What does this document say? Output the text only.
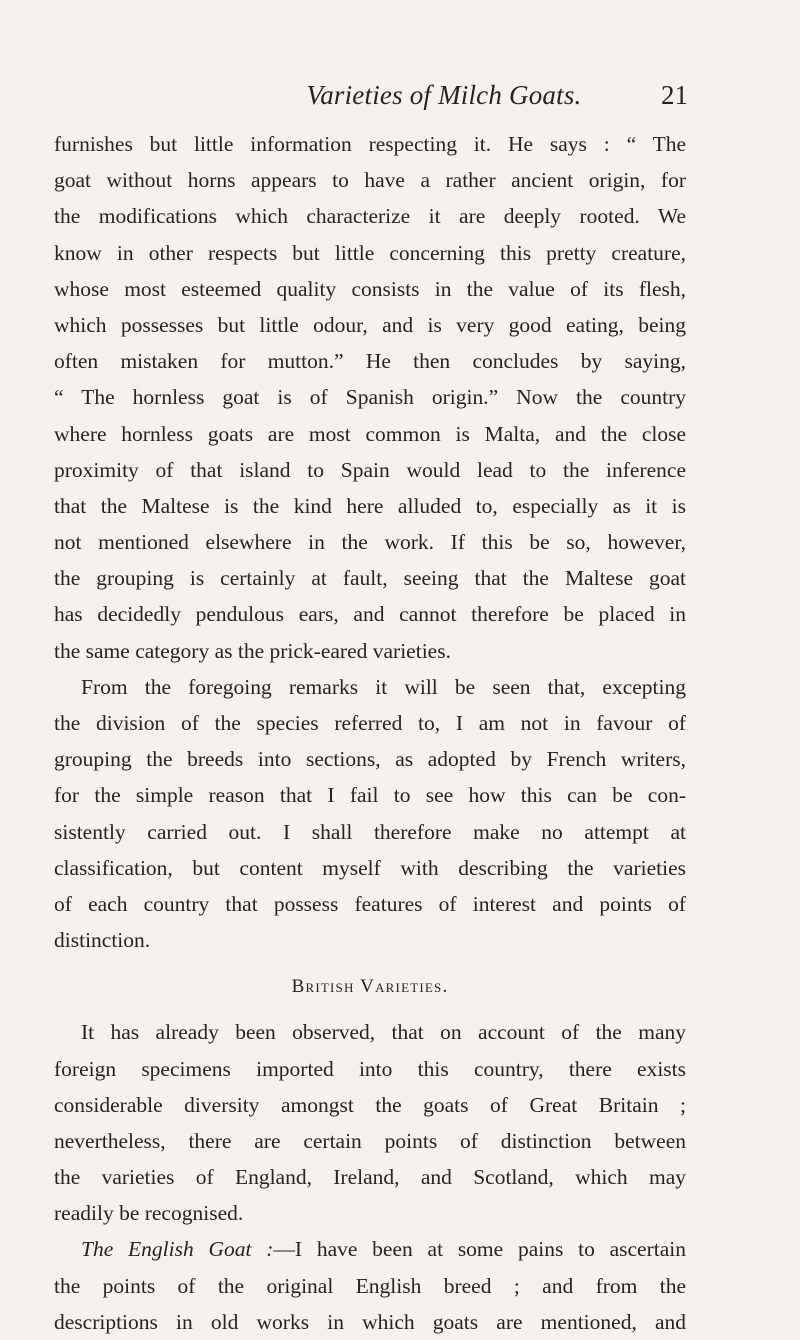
Varieties of Milch Goats.	21
furnishes but little information respecting it. He says : “ The
goat without horns appears to have a rather ancient origin, for
the modifications which characterize it are deeply rooted. We
know in other respects but little concerning this pretty creature,
whose most esteemed quality consists in the value of its flesh,
which possesses but little odour, and is very good eating, being
often mistaken for mutton.” He then concludes by saying,
“ The hornless goat is of Spanish origin.” Now the country
where hornless goats are most common is Malta, and the close
proximity of that island to Spain would lead to the inference
that the Maltese is the kind here alluded to, especially as it is
not mentioned elsewhere in the work. If this be so, however,
the grouping is certainly at fault, seeing that the Maltese goat
has decidedly pendulous ears, and cannot therefore be placed in
the same category as the prick-eared varieties.
From the foregoing remarks it will be seen that, excepting
the division of the species referred to, I am not in favour of
grouping the breeds into sections, as adopted by French writers,
for the simple reason that I fail to see how this can be con-
sistently carried out. I shall therefore make no attempt at
classification, but content myself with describing the varieties
of each country that possess features of interest and points of
distinction.
British Varieties.
It has already been observed, that on account of the many
foreign specimens imported into this country, there exists
considerable diversity amongst the goats of Great Britain ;
nevertheless, there are certain points of distinction between
the varieties of England, Ireland, and Scotland, which may
readily be recognised.
The English Goat :—I have been at some pains to ascertain
the points of the original English breed ; and from the
descriptions in old works in which goats are mentioned, and
